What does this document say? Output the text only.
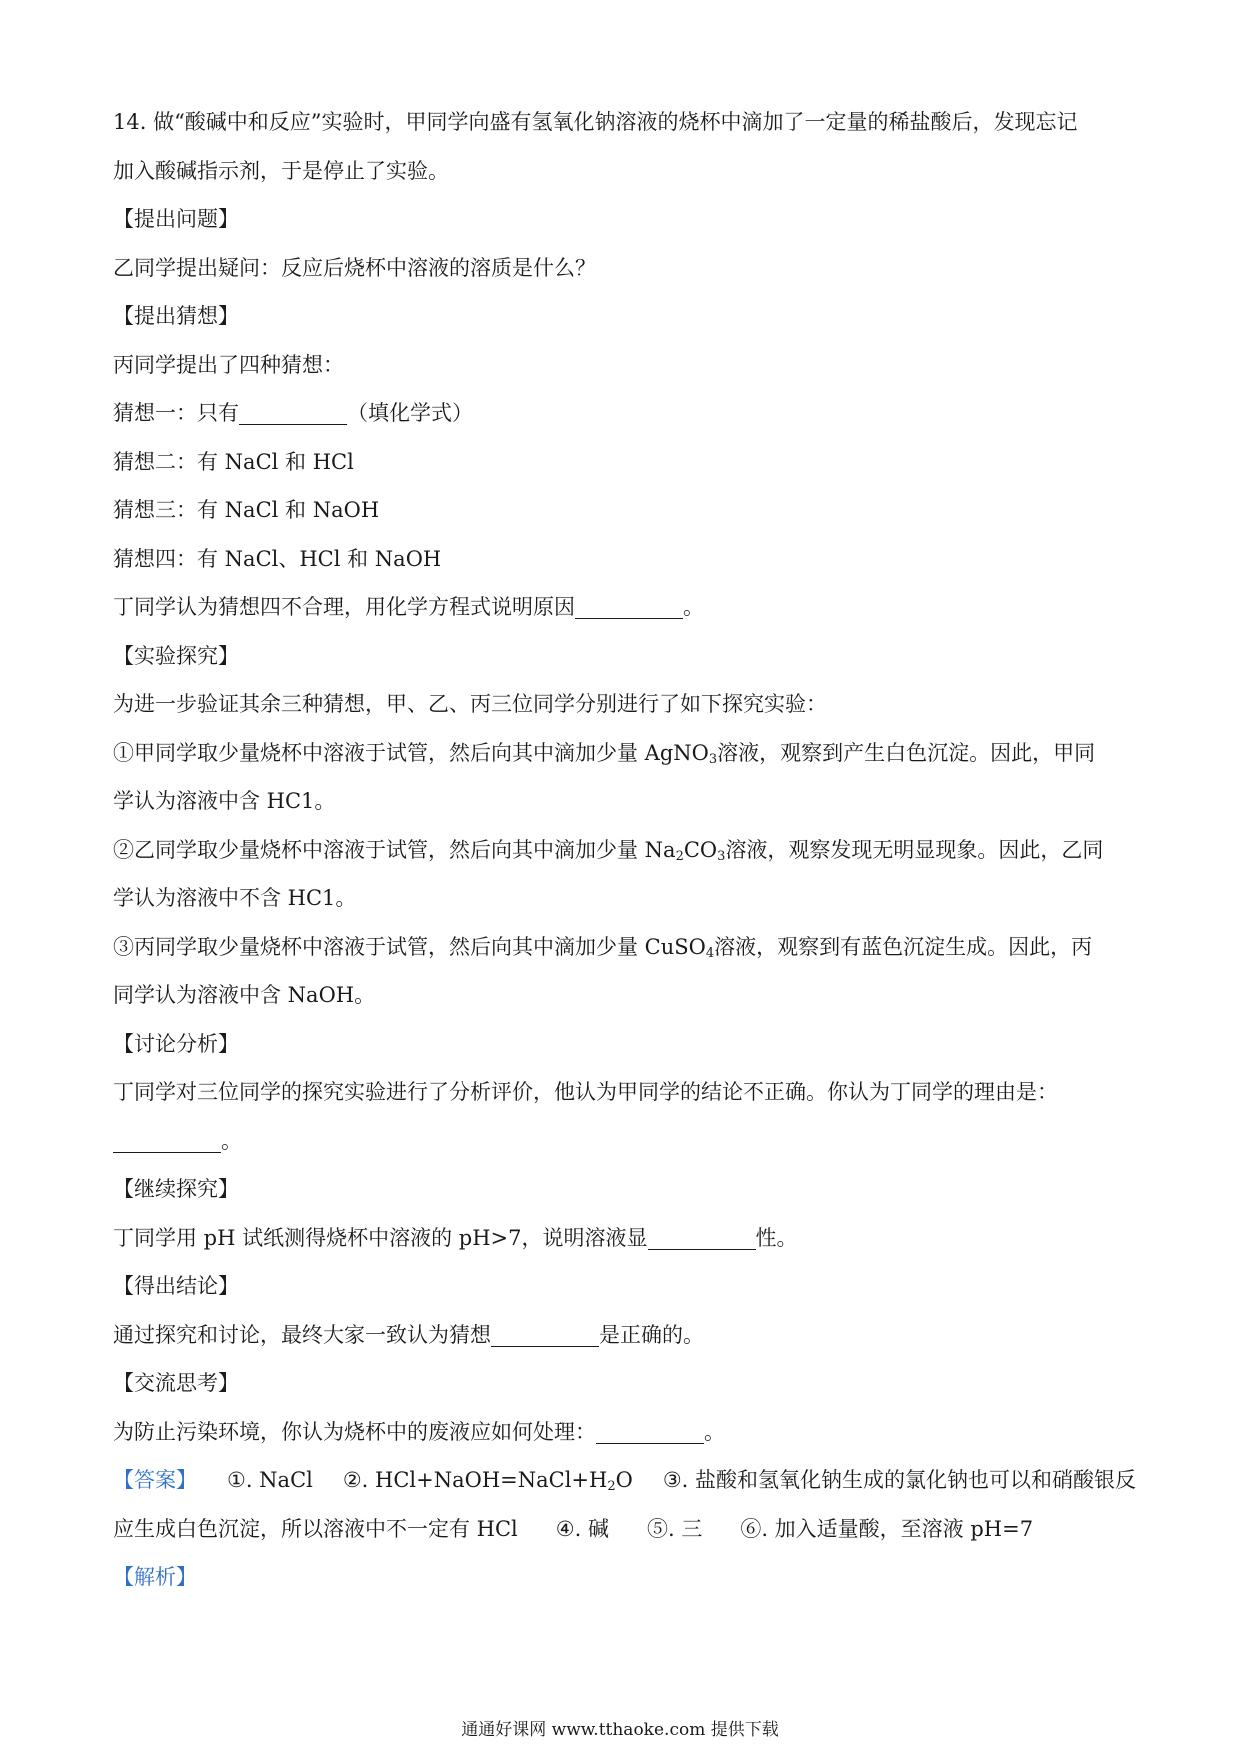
14. 做“酸碱中和反应”实验时，甲同学向盛有氢氧化钠溶液的烧杯中滴加了一定量的稀盐酸后，发现忘记
加入酸碱指示剂，于是停止了实验。
【提出问题】
乙同学提出疑问：反应后烧杯中溶液的溶质是什么？
【提出猜想】
丙同学提出了四种猜想：
猜想一：只有	（填化学式）
猜想二：有 NaCl 和 HCl
猜想三：有 NaCl 和 NaOH
猜想四：有 NaCl、HCl 和 NaOH
丁同学认为猜想四不合理，用化学方程式说明原因	。
【实验探究】
为进一步验证其余三种猜想，甲、乙、丙三位同学分别进行了如下探究实验：
①甲同学取少量烧杯中溶液于试管，然后向其中滴加少量 AgNO$_3$溶液，观察到产生白色沉淀。因此，甲同
学认为溶液中含 HC1。
②乙同学取少量烧杯中溶液于试管，然后向其中滴加少量 $Na_2CO_3$溶液，观察发现无明显现象。因此，乙同
学认为溶液中不含 HC1。
③丙同学取少量烧杯中溶液于试管，然后向其中滴加少量 CuSO$_4$溶液，观察到有蓝色沉淀生成。因此，丙
同学认为溶液中含 NaOH。
【讨论分析】
丁同学对三位同学的探究实验进行了分析评价，他认为甲同学的结论不正确。你认为丁同学的理由是：
。
【继续探究】
丁同学用 pH 试纸测得烧杯中溶液的 pH>7，说明溶液显	性。
【得出结论】
通过探究和讨论，最终大家一致认为猜想	是正确的。
【交流思考】
为防止污染环境，你认为烧杯中的废液应如何处理：	。
【答案】 ①. NaCl ②. $HCl+NaOH=NaCl+H_2O$ ③. 盐酸和氢氧化钠生成的氯化钠也可以和硝酸银反
应生成白色沉淀，所以溶液中不一定有 HCl ④. 碱 ⑤. 三 ⑥. 加入适量酸，至溶液 pH=7
【解析】
通通好课网 www.tthaoke.com 提供下载
